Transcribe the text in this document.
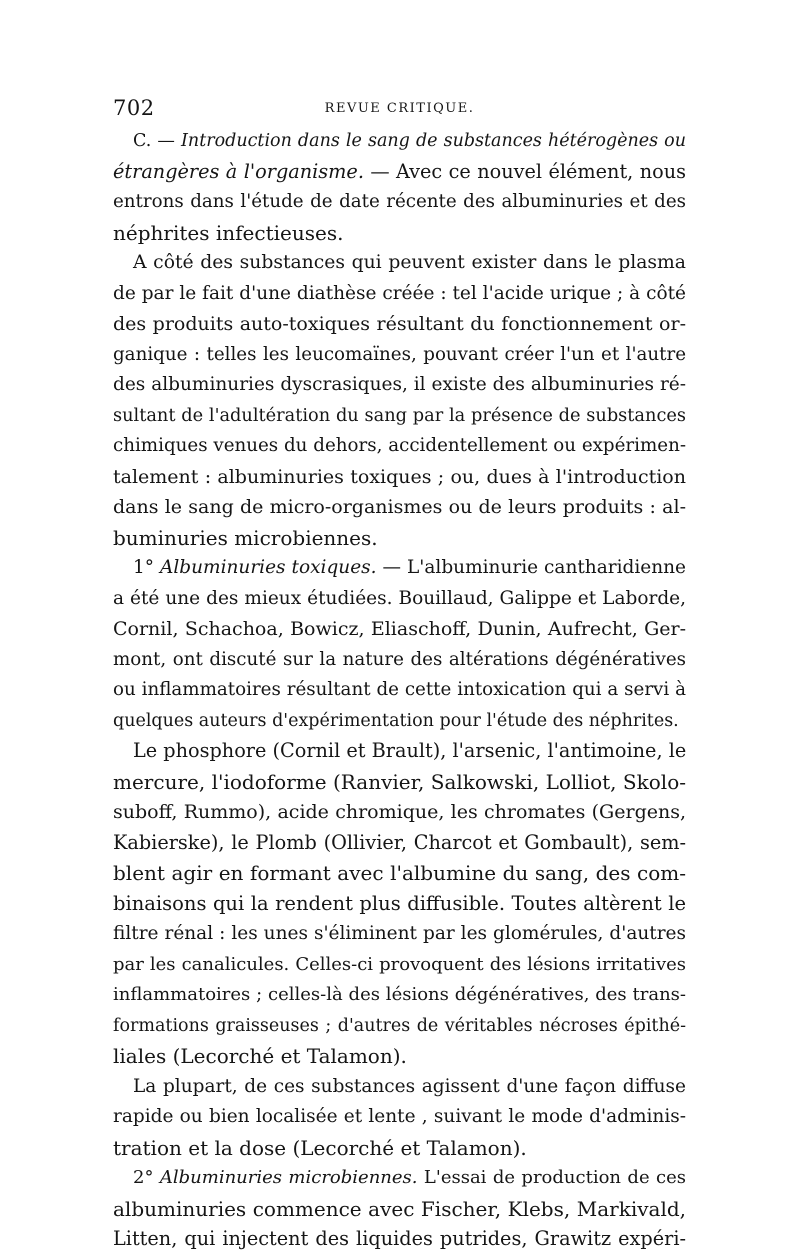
702	REVUE CRITIQUE.
C. — Introduction dans le sang de substances hétérogènes ou
étrangères à l'organisme. — Avec ce nouvel élément, nous
entrons dans l'étude de date récente des albuminuries et des
néphrites infectieuses.
A côté des substances qui peuvent exister dans le plasma
de par le fait d'une diathèse créée : tel l'acide urique ; à côté
des produits auto-toxiques résultant du fonctionnement or-
ganique : telles les leucomaïnes, pouvant créer l'un et l'autre
des albuminuries dyscrasiques, il existe des albuminuries ré-
sultant de l'adultération du sang par la présence de substances
chimiques venues du dehors, accidentellement ou expérimen-
talement : albuminuries toxiques ; ou, dues à l'introduction
dans le sang de micro-organismes ou de leurs produits : al-
buminuries microbiennes.
1° Albuminuries toxiques. — L'albuminurie cantharidienne
a été une des mieux étudiées. Bouillaud, Galippe et Laborde,
Cornil, Schachoa, Bowicz, Eliaschoff, Dunin, Aufrecht, Ger-
mont, ont discuté sur la nature des altérations dégénératives
ou inflammatoires résultant de cette intoxication qui a servi à
quelques auteurs d'expérimentation pour l'étude des néphrites.
Le phosphore (Cornil et Brault), l'arsenic, l'antimoine, le
mercure, l'iodoforme (Ranvier, Salkowski, Lolliot, Skolo-
suboff, Rummo), acide chromique, les chromates (Gergens,
Kabierske), le Plomb (Ollivier, Charcot et Gombault), sem-
blent agir en formant avec l'albumine du sang, des com-
binaisons qui la rendent plus diffusible. Toutes altèrent le
filtre rénal : les unes s'éliminent par les glomérules, d'autres
par les canalicules. Celles-ci provoquent des lésions irritatives
inflammatoires ; celles-là des lésions dégénératives, des trans-
formations graisseuses ; d'autres de véritables nécroses épithé-
liales (Lecorché et Talamon).
La plupart, de ces substances agissent d'une façon diffuse
rapide ou bien localisée et lente , suivant le mode d'adminis-
tration et la dose (Lecorché et Talamon).
2° Albuminuries microbiennes. L'essai de production de ces
albuminuries commence avec Fischer, Klebs, Markivald,
Litten, qui injectent des liquides putrides, Grawitz expéri-
